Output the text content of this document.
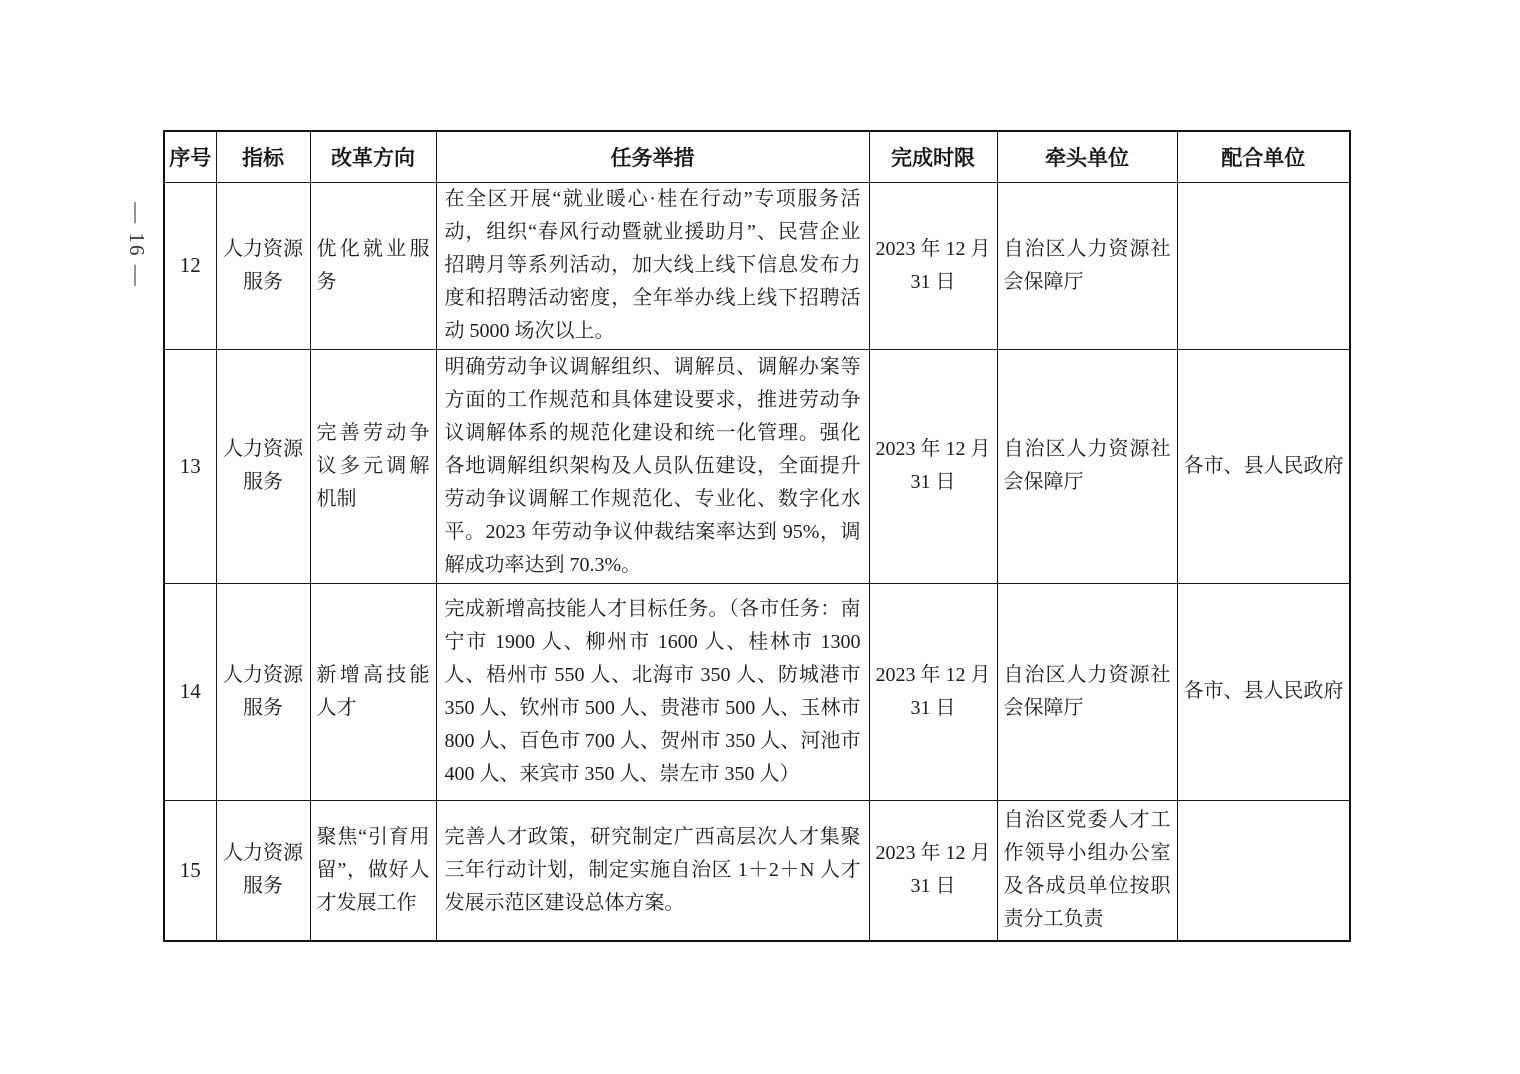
— 16 —
序号	指标	改革方向	任务举措	完成时限	牵头单位	配合单位
12	人力资源服务	优化就业服务	在全区开展“就业暖心·桂在行动”专项服务活动，组织“春风行动暨就业援助月”、民营企业招聘月等系列活动，加大线上线下信息发布力度和招聘活动密度，全年举办线上线下招聘活动 5000 场次以上。	2023 年 12 月 31 日	自治区人力资源社会保障厅	
13	人力资源服务	完善劳动争议多元调解机制	明确劳动争议调解组织、调解员、调解办案等方面的工作规范和具体建设要求，推进劳动争议调解体系的规范化建设和统一化管理。强化各地调解组织架构及人员队伍建设，全面提升劳动争议调解工作规范化、专业化、数字化水平。2023 年劳动争议仲裁结案率达到 95%，调解成功率达到 70.3%。	2023 年 12 月 31 日	自治区人力资源社会保障厅	各市、县人民政府
14	人力资源服务	新增高技能人才	完成新增高技能人才目标任务。（各市任务：南宁市 1900 人、柳州市 1600 人、桂林市 1300 人、梧州市 550 人、北海市 350 人、防城港市 350 人、钦州市 500 人、贵港市 500 人、玉林市 800 人、百色市 700 人、贺州市 350 人、河池市 400 人、来宾市 350 人、崇左市 350 人）	2023 年 12 月 31 日	自治区人力资源社会保障厅	各市、县人民政府
15	人力资源服务	聚焦“引育用留”，做好人才发展工作	完善人才政策，研究制定广西高层次人才集聚三年行动计划，制定实施自治区 1＋2＋N 人才发展示范区建设总体方案。	2023 年 12 月 31 日	自治区党委人才工作领导小组办公室及各成员单位按职责分工负责	
